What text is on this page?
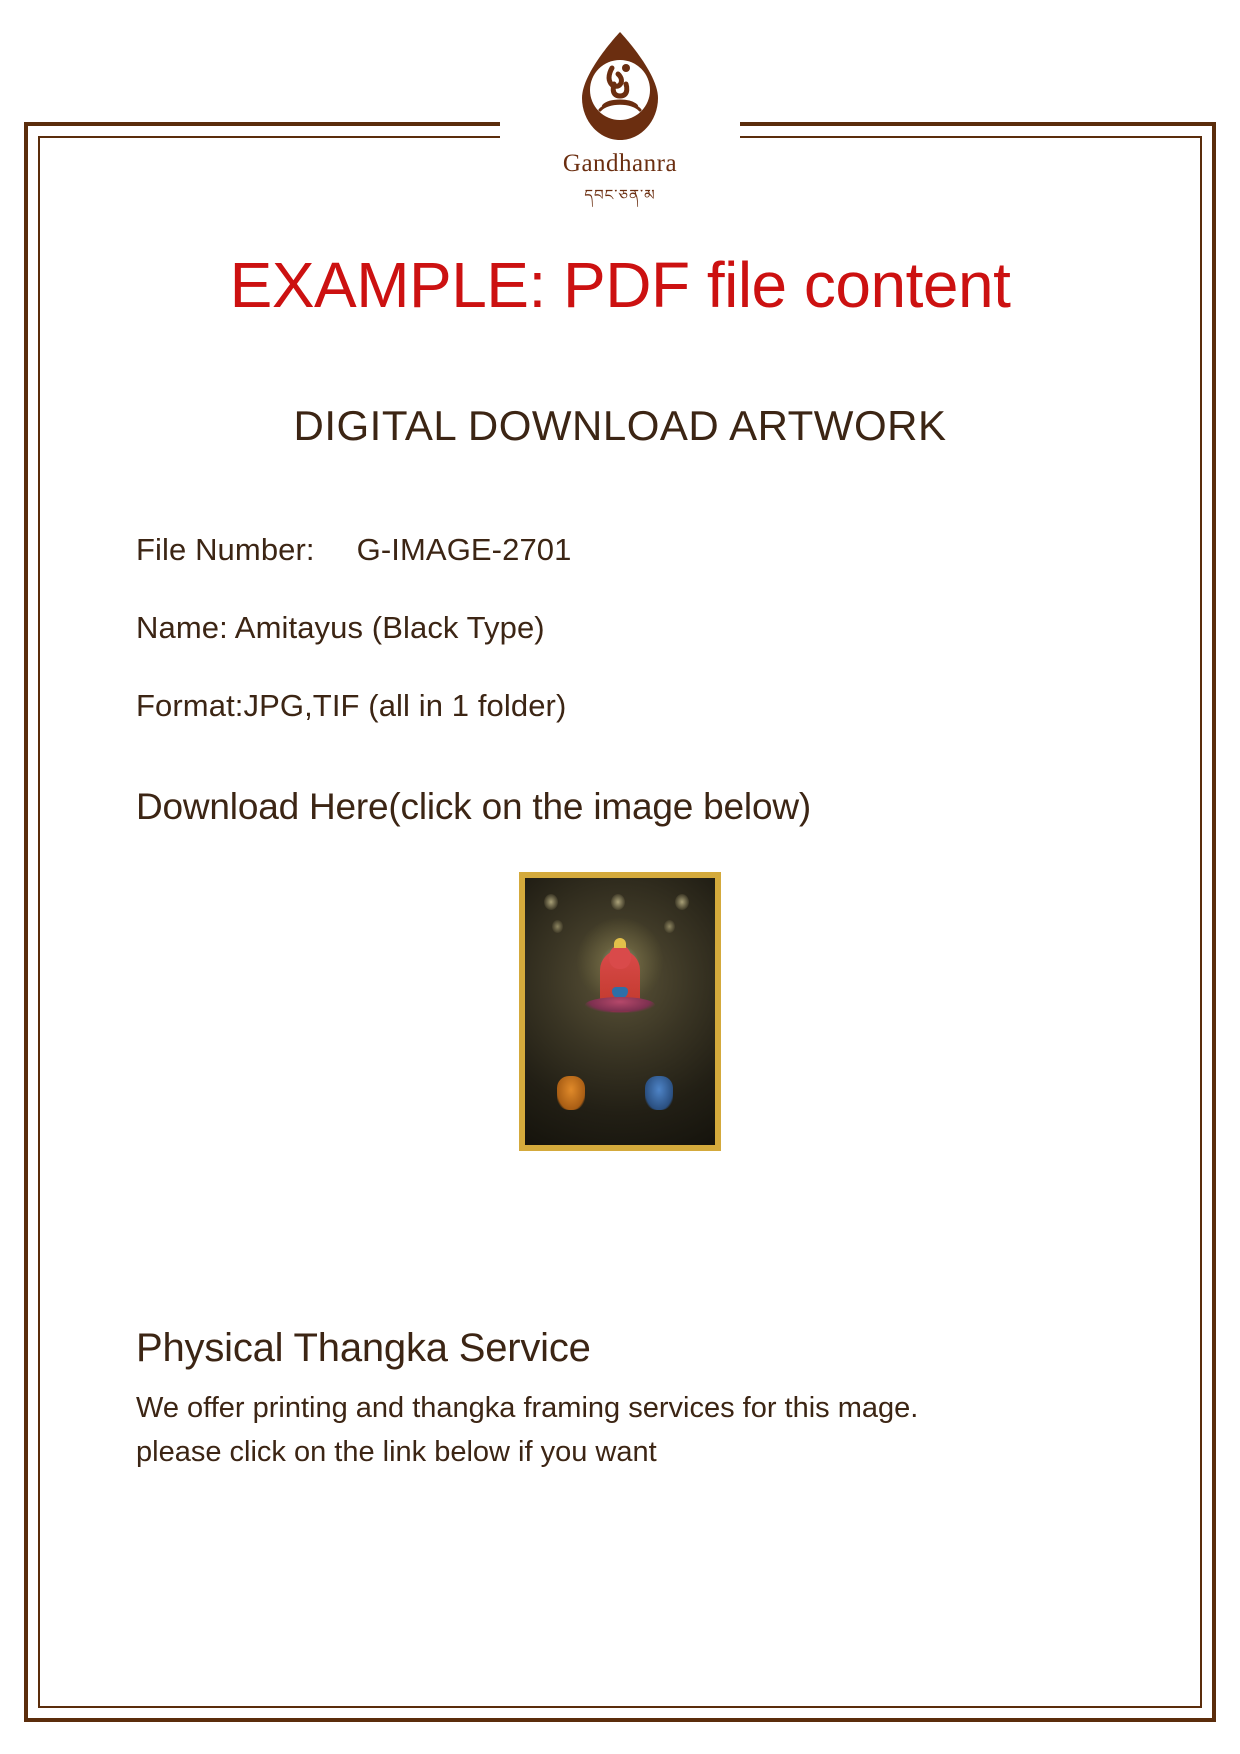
Gandhanra
དབང་ཅན་མ
EXAMPLE: PDF file content
DIGITAL DOWNLOAD ARTWORK
File Number: G-IMAGE-2701
Name: Amitayus (Black Type)
Format:JPG,TIF (all in 1 folder)
Download Here(click on the image below)
Physical Thangka Service
We offer printing and thangka framing services for this mage.
please click on the link below if you want
